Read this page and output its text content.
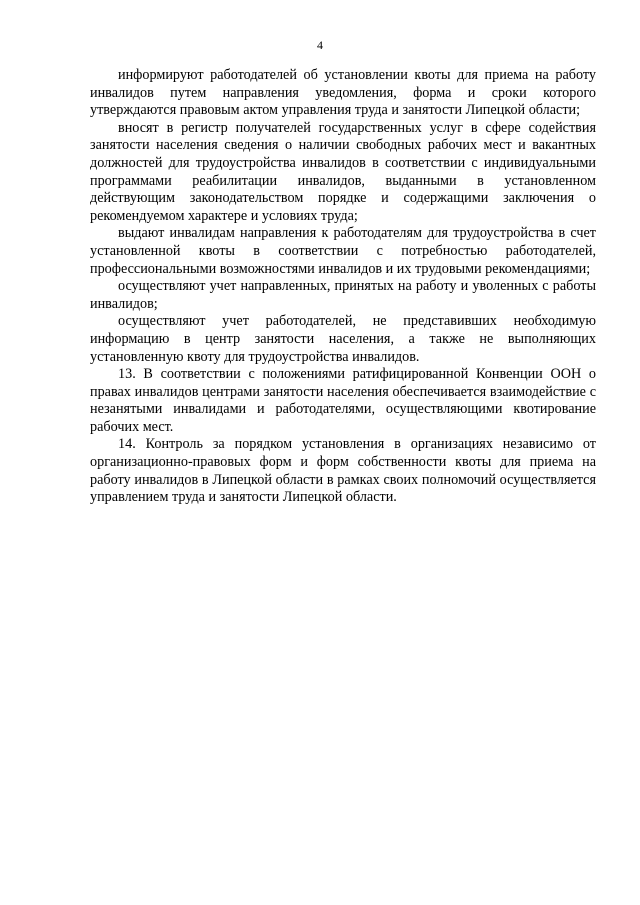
4

информируют работодателей об установлении квоты для приема на работу инвалидов путем направления уведомления, форма и сроки которого утверждаются правовым актом управления труда и занятости Липецкой области;

вносят в регистр получателей государственных услуг в сфере содействия занятости населения сведения о наличии свободных рабочих мест и вакантных должностей для трудоустройства инвалидов в соответствии с индивидуальными программами реабилитации инвалидов, выданными в установленном действующим законодательством порядке и содержащими заключения о рекомендуемом характере и условиях труда;

выдают инвалидам направления к работодателям для трудоустройства в счет установленной квоты в соответствии с потребностью работодателей, профессиональными возможностями инвалидов и их трудовыми рекомендациями;

осуществляют учет направленных, принятых на работу и уволенных с работы инвалидов;

осуществляют учет работодателей, не представивших необходимую информацию в центр занятости населения, а также не выполняющих установленную квоту для трудоустройства инвалидов.

13. В соответствии с положениями ратифицированной Конвенции ООН о правах инвалидов центрами занятости населения обеспечивается взаимодействие с незанятыми инвалидами и работодателями, осуществляющими квотирование рабочих мест.

14. Контроль за порядком установления в организациях независимо от организационно-правовых форм и форм собственности квоты для приема на работу инвалидов в Липецкой области в рамках своих полномочий осуществляется управлением труда и занятости Липецкой области.
